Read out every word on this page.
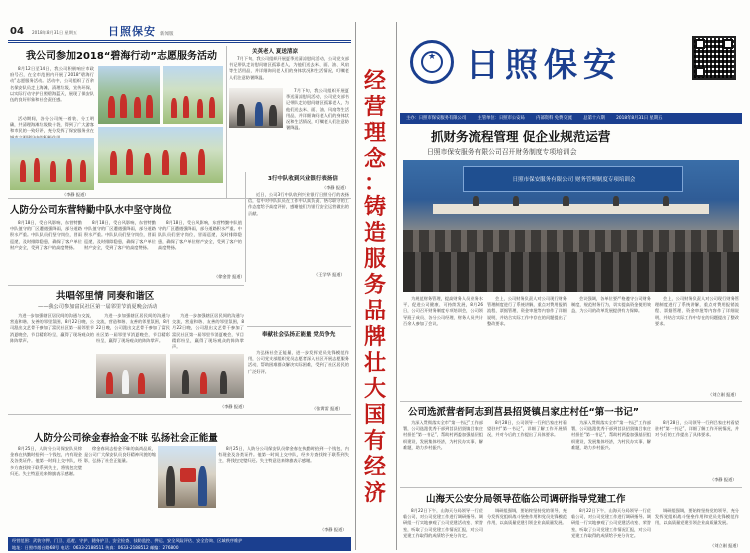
04 2018年8月31日 星期五	日照保安 新闻版
我公司参加2018“碧海行动”志愿服务活动
8月12日至14日，我公司积极响应市政府号召，在全市范围内开展了2018“碧海行动”志愿服务活动。活动中，公司组织了百余名保安队员走上海滩，清理垃圾、宣传环保，以实际行动守护日照碧海蓝天，展现了保安队伍的良好形象和社会责任感。
活动期间，各分公司统一着装、分工明确，共清理海滩垃圾数十袋，得到了广大游客和市民的一致好评，充分发挥了保安服务业在
（李静 报道）
关英老人 夏送清凉
7月下旬，我公司组织开展夏季送清凉慰问活动，公司党支部书记带队走访慰问辖区孤寡老人，为他们送去米、面、油、风扇等生活用品，并详细询问老人们的身体状况和生活情况，叮嘱老人们注意防暑降温。
7月下旬，我公司组织开展夏季送清凉慰问活动，公司党支部书记带队走访慰问辖区孤寡老人，为他们送去米、面、油、风扇等生活用品，并详细询问老人们的身体状况和生活情况，叮嘱老人们注意防暑降温。
（李静 报道）
人防分公司东营特勤中队水中坚守岗位
8月18日，受台风影响，东营特勤中队值守的厂区遭遇强降雨，部分道路积水严重。中队队员们坚守岗位，冒雨巡逻，及时排除隐患，确保了客户单位财产安全，受到了客户的高度赞扬。
8月18日，受台风影响，东营特勤中队值守的厂区遭遇强降雨，部分道路积水严重。中队队员们坚守岗位，冒雨巡逻，及时排除隐患，确保了客户单位财产安全，受到了客户的高度赞扬。
8月18日，受台风影响，东营特勤中队值守的厂区遭遇强降雨，部分道路积水严重。中队队员们坚守岗位，冒雨巡逻，及时排除隐患，确保了客户单位财产安全，受到了客户的高度赞扬。
（徐金誉 报道）
3行中队收到兴业银行表扬信
近日，公司3行中队收到兴业银行日照分行的表扬信，信中对中队队员在工作中认真负责、恪尽职守的工作态度给予高度评价，感谢他们为银行安全运营做出的贡献。
（王学华 报道）
共唱邻里情 同奏和谐区
——我公司参加富民社区第一届邻里节消夏晚会活动
为进一步加强辖区居民间的沟通与交流，营造和谐、友善的邻里氛围，8月22日晚，公司派出文艺骨干参加了富民社区第一届邻里节消夏晚会，节目精彩纷呈，赢得了现场观众的阵阵掌声。
为进一步加强辖区居民间的沟通与交流，营造和谐、友善的邻里氛围，8月22日晚，公司派出文艺骨干参加了富民社区第一届邻里节消夏晚会，节目精彩纷呈，赢得了现场观众的阵阵掌声。
为进一步加强辖区居民间的沟通与交流，营造和谐、友善的邻里氛围，8月22日晚，公司派出文艺骨干参加了富民社区第一届邻里节消夏晚会，节目精彩纷呈，赢得了现场观众的阵阵掌声。
（李静 报道）
奉献社会弘扬正能量 党员争先
为弘扬社会正能量，进一步发挥党员先锋模范作用，公司党支部组织党员志愿者深入社区开展志愿服务活动，帮助困难群众解决实际困难，受到了社区居民的广泛好评。
（张霄雷 报道）
人防分公司徐金春拾金不昧 弘扬社会正能量
8月25日，人防分公司保安队员徐金春在执勤时拾到一个钱包，内有现金及各类证件。他第一时间上交中队，经多方查找终于联系到失主，将钱包完璧归还。失主特意送来锦旗表示感谢。
徐金春同志拾金不昧的高尚品质，是公司广大保安队员良好精神风貌的缩影，弘扬了社会正能量。
8月25日，人防分公司保安队员徐金春在执勤时拾到一个钱包，内有现金及各类证件。他第一时间上交中队，经多方查找终于联系到失主，将钱包完璧归还。失主特意送来锦旗表示感谢。
（李静 报道）
经营范围：武装守押、门卫、巡逻、守护、随身护卫、安全检查、技防监控、押运、安全风险评估、安全咨询、区域秩序维护
地址：日照市烟台路68号 电话：0633-2188511 传真：0633-2188512 邮编：276800
经
营
理
念
：
铸
造
服
务
品
牌
壮
大
国
有
经
济
★ 日照保安
主办：日照市保安服务有限公司	主管单位：日照市公安局	内部资料 免费交流	总第十六期	2018年8月31日 星期五
抓财务流程管理 促企业规范运营
日照市保安服务有限公司召开财务制度专项培训会
日照市保安服务有限公司 财务管理制度专项培训会
为规范财务管理，提高财务人员业务水平，促进公司健康、可持续发展，8月26日，公司召开财务制度专项培训会，公司领导班子成员、各分公司经理、财务人员共计百余人参加了会议。
会上，公司财务负责人对公司现行财务管理制度进行了系统讲解，重点对费用报销流程、票据管理、资金审批等内容作了详细说明，并结合实际工作中存在的问题提出了整改要求。
会议强调，各单位要严格遵守公司财务制度，规范财务行为，切实提高资金使用效益，为公司的改革发展提供有力保障。
会上，公司财务负责人对公司现行财务管理制度进行了系统讲解，重点对费用报销流程、票据管理、资金审批等内容作了详细说明，并结合实际工作中存在的问题提出了整改要求。
（刘立刚 报道）
公司选派营者阿志到莒县招贤镇吕家庄村任“第一书记”
为深入贯彻落实全市“第一书记”工作部署，公司选派优秀干部到莒县招贤镇吕家庄村担任“第一书记”，帮助村两委加强基层组织建设，发展集体经济，为村民办实事、解难题，助力乡村振兴。
8月28日，公司领导一行到吕家庄村看望驻村“第一书记”，详细了解工作开展情况，并对今后的工作提出了具体要求。
为深入贯彻落实全市“第一书记”工作部署，公司选派优秀干部到莒县招贤镇吕家庄村担任“第一书记”，帮助村两委加强基层组织建设，发展集体经济，为村民办实事、解难题，助力乡村振兴。
8月28日，公司领导一行到吕家庄村看望驻村“第一书记”，详细了解工作开展情况，并对今后的工作提出了具体要求。
（李静 报道）
山海天公安分局领导莅临公司调研指导党建工作
8月22日下午，山海天分局领导一行莅临公司，对公司党建工作进行调研指导。调研组一行实地参观了公司党建活动室、荣誉室，听取了公司党建工作情况汇报，对公司党建工作取得的成绩给予充分肯定。
调研组强调，要始终坚持党的领导，充分发挥党组织战斗堡垒作用和党员先锋模范作用，以高质量党建引领企业高质量发展。
8月22日下午，山海天分局领导一行莅临公司，对公司党建工作进行调研指导。调研组一行实地参观了公司党建活动室、荣誉室，听取了公司党建工作情况汇报，对公司党建工作取得的成绩给予充分肯定。
调研组强调，要始终坚持党的领导，充分发挥党组织战斗堡垒作用和党员先锋模范作用，以高质量党建引领企业高质量发展。
（刘立刚 报道）
